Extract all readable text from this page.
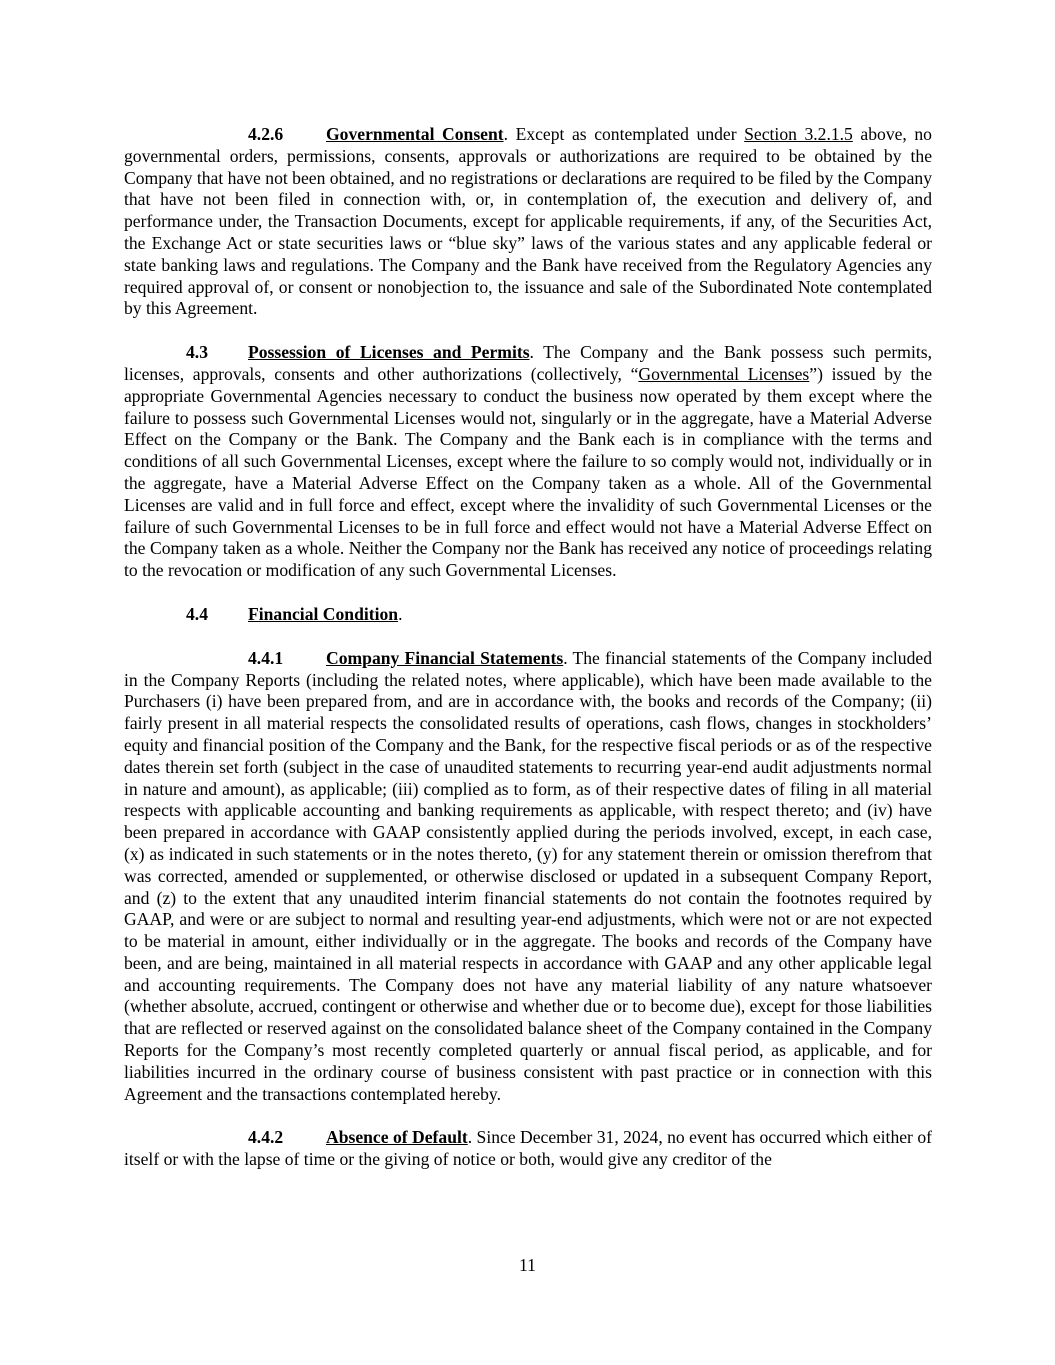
4.2.6 Governmental Consent. Except as contemplated under Section 3.2.1.5 above, no governmental orders, permissions, consents, approvals or authorizations are required to be obtained by the Company that have not been obtained, and no registrations or declarations are required to be filed by the Company that have not been filed in connection with, or, in contemplation of, the execution and delivery of, and performance under, the Transaction Documents, except for applicable requirements, if any, of the Securities Act, the Exchange Act or state securities laws or “blue sky” laws of the various states and any applicable federal or state banking laws and regulations. The Company and the Bank have received from the Regulatory Agencies any required approval of, or consent or nonobjection to, the issuance and sale of the Subordinated Note contemplated by this Agreement.

4.3 Possession of Licenses and Permits. The Company and the Bank possess such permits, licenses, approvals, consents and other authorizations (collectively, “Governmental Licenses”) issued by the appropriate Governmental Agencies necessary to conduct the business now operated by them except where the failure to possess such Governmental Licenses would not, singularly or in the aggregate, have a Material Adverse Effect on the Company or the Bank. The Company and the Bank each is in compliance with the terms and conditions of all such Governmental Licenses, except where the failure to so comply would not, individually or in the aggregate, have a Material Adverse Effect on the Company taken as a whole. All of the Governmental Licenses are valid and in full force and effect, except where the invalidity of such Governmental Licenses or the failure of such Governmental Licenses to be in full force and effect would not have a Material Adverse Effect on the Company taken as a whole. Neither the Company nor the Bank has received any notice of proceedings relating to the revocation or modification of any such Governmental Licenses.

4.4 Financial Condition.

4.4.1 Company Financial Statements. The financial statements of the Company included in the Company Reports (including the related notes, where applicable), which have been made available to the Purchasers (i) have been prepared from, and are in accordance with, the books and records of the Company; (ii) fairly present in all material respects the consolidated results of operations, cash flows, changes in stockholders’ equity and financial position of the Company and the Bank, for the respective fiscal periods or as of the respective dates therein set forth (subject in the case of unaudited statements to recurring year-end audit adjustments normal in nature and amount), as applicable; (iii) complied as to form, as of their respective dates of filing in all material respects with applicable accounting and banking requirements as applicable, with respect thereto; and (iv) have been prepared in accordance with GAAP consistently applied during the periods involved, except, in each case, (x) as indicated in such statements or in the notes thereto, (y) for any statement therein or omission therefrom that was corrected, amended or supplemented, or otherwise disclosed or updated in a subsequent Company Report, and (z) to the extent that any unaudited interim financial statements do not contain the footnotes required by GAAP, and were or are subject to normal and resulting year-end adjustments, which were not or are not expected to be material in amount, either individually or in the aggregate. The books and records of the Company have been, and are being, maintained in all material respects in accordance with GAAP and any other applicable legal and accounting requirements. The Company does not have any material liability of any nature whatsoever (whether absolute, accrued, contingent or otherwise and whether due or to become due), except for those liabilities that are reflected or reserved against on the consolidated balance sheet of the Company contained in the Company Reports for the Company’s most recently completed quarterly or annual fiscal period, as applicable, and for liabilities incurred in the ordinary course of business consistent with past practice or in connection with this Agreement and the transactions contemplated hereby.

4.4.2 Absence of Default. Since December 31, 2024, no event has occurred which either of itself or with the lapse of time or the giving of notice or both, would give any creditor of the

11
